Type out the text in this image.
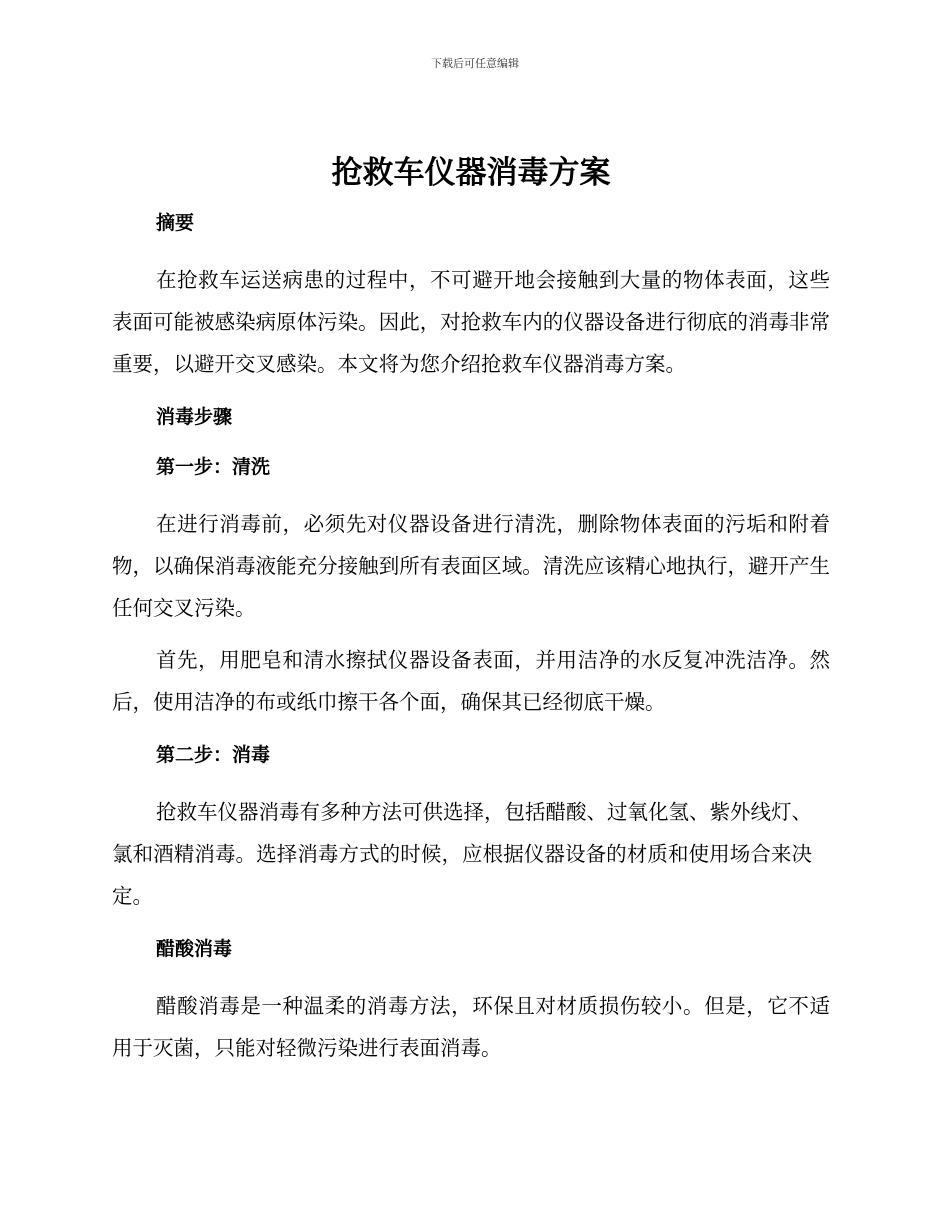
下载后可任意编辑
抢救车仪器消毒方案
摘要

在抢救车运送病患的过程中，不可避开地会接触到大量的物体表面，这些表面可能被感染病原体污染。因此，对抢救车内的仪器设备进行彻底的消毒非常重要，以避开交叉感染。本文将为您介绍抢救车仪器消毒方案。

消毒步骤
第一步：清洗

在进行消毒前，必须先对仪器设备进行清洗，删除物体表面的污垢和附着物，以确保消毒液能充分接触到所有表面区域。清洗应该精心地执行，避开产生任何交叉污染。

首先，用肥皂和清水擦拭仪器设备表面，并用洁净的水反复冲洗洁净。然后，使用洁净的布或纸巾擦干各个面，确保其已经彻底干燥。

第二步：消毒

抢救车仪器消毒有多种方法可供选择，包括醋酸、过氧化氢、紫外线灯、氯和酒精消毒。选择消毒方式的时候，应根据仪器设备的材质和使用场合来决定。

醋酸消毒

醋酸消毒是一种温柔的消毒方法，环保且对材质损伤较小。但是，它不适用于灭菌，只能对轻微污染进行表面消毒。
